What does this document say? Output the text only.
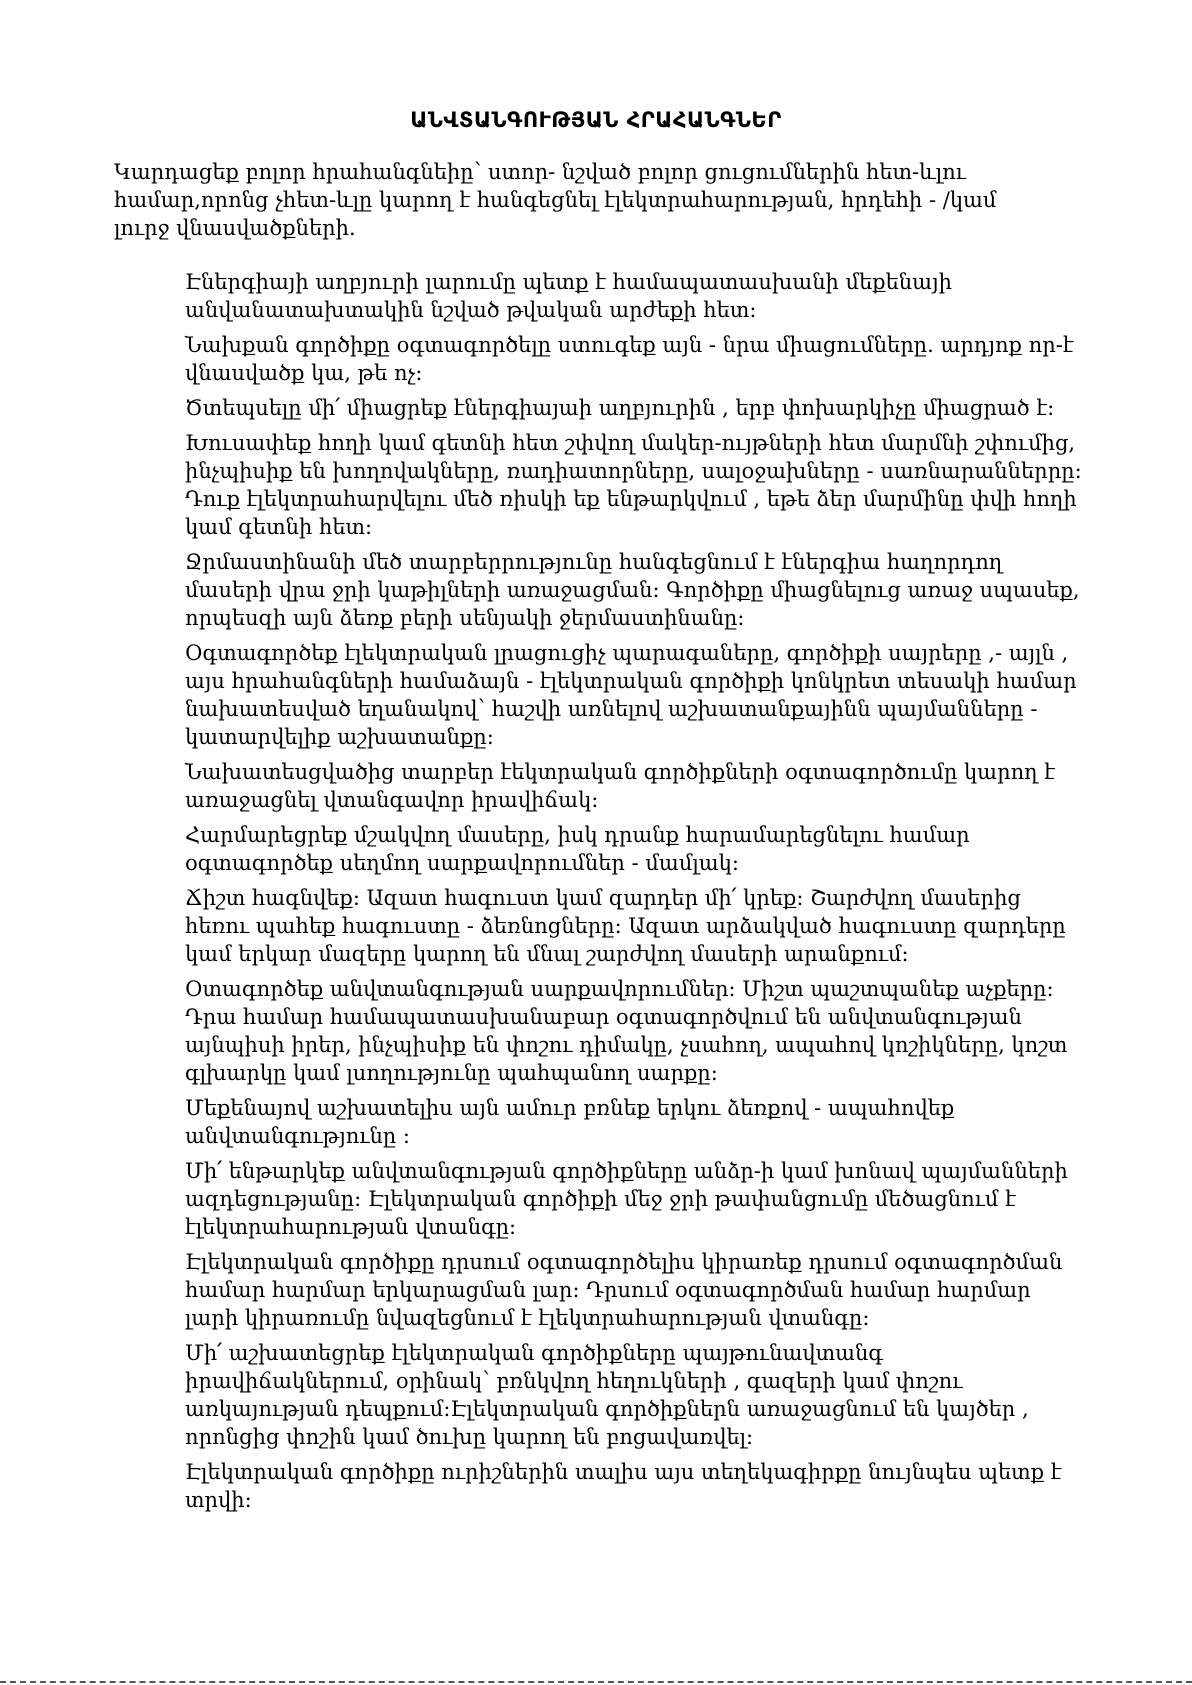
ԱՆՎՏԱՆԳՈՒԹՅԱՆ ՀՐԱՀԱՆԳՆԵՐ

Կարդացեք բոլոր հրահանգնեիը՝ ստոր- նշված բոլոր ցուցումներին հետ-ևլու համար,որոնց չհետ-ևլը կարող է հանգեցնել էլեկտրահարության, հրդեհի - /կամ լուրջ վնասվածքների.

Էներգիայի աղբյուրի լարումը պետք է համապատասխանի մեքենայի անվանատախտակին նշված թվական արժեքի հետ:

Նախքան գործիքը օգտագործելը ստուգեք այն - նրա միացումները. արդյոք որ-է վնասվածք կա, թե ոչ:

Ծտեպսելը մի՛ միացրեք էներգիայաի աղբյուրին , երբ փոխարկիչը միացրած է:

Խուսափեք հողի կամ գետնի հետ շփվող մակեր-ույթների հետ մարմնի շփումից, ինչպիսիք են խողովակները, ռադիատորները, սալօջախները - սառնարաններրը: Դուք էլեկտրահարվելու մեծ ռիսկի եք ենթարկվում , եթե ձեր մարմինը փվի հողի կամ գետնի հետ:

Ջրմաստինանի մեծ տարբերրությունը հանգեցնում է էներգիա հաղորդող մասերի վրա ջրի կաթիլների առաջացման: Գործիքը միացնելուց առաջ սպասեք, որպեսզի այն ձեռք բերի սենյակի ջերմաստինանը:

Օգտագործեք էլեկտրական լրացուցիչ պարագաները, գործիքի սայրերը ,- այլն , այս հրահանգների համաձայն - էլեկտրական գործիքի կոնկրետ տեսակի համար նախատեսված եղանակով՝ հաշվի առնելով աշխատանքայինն պայմանները - կատարվելիք աշխատանքը:

Նախատեսցվածից տարբեր էեկտրական գործիքների օգտագործումը կարող է առաջացնել վտանգավոր իրավիճակ:

Հարմարեցրեք մշակվող մասերը, իսկ դրանք հարամարեցնելու համար օգտագործեք սեղմող սարքավորումներ - մամլակ:

Ճիշտ հագնվեք: Ազատ հագուստ կամ զարդեր մի՛ կրեք: Շարժվող մասերից հեռու պահեք հագուստը - ձեռնոցները: Ազատ արձակված հագուստը զարդերը կամ երկար մազերը կարող են մնալ շարժվող մասերի արանքում:

Օտագործեք անվտանգության սարքավորումներ: Միշտ պաշտպանեք աչքերը: Դրա համար համապատասխանաբար օգտագործվում են անվտանգության այնպիսի իրեր, ինչպիսիք են փոշու դիմակը, չսահող, ապահով կոշիկները, կոշտ գլխարկը կամ լսողությունը պահպանող սարքը:

Մեքենայով աշխատելիս այն ամուր բռնեք երկու ձեռքով - ապահովեք անվտանգությունը :

Մի՛ ենթարկեք անվտանգության գործիքները անձր-ի կամ խոնավ պայմանների ազդեցությանը: Էլեկտրական գործիքի մեջ ջրի թափանցումը մեծացնում է էլեկտրահարության վտանգը:

Էլեկտրական գործիքը դրսում օգտագործելիս կիրառեք դրսում օգտագործման համար հարմար երկարացման լար: Դրսում օգտագործման համար հարմար լարի կիրառումը նվազեցնում է էլեկտրահարության վտանգը:

Մի՛ աշխատեցրեք էլեկտրական գործիքները պայթունավտանգ իրավիճակներում, օրինակ՝ բռնկվող հեղուկների , գազերի կամ փոշու առկայության դեպքում:Էլեկտրական գործիքներն առաջացնում են կայծեր , որոնցից փոշին կամ ծուխը կարող են բոցավառվել:

Էլեկտրական գործիքը ուրիշներին տալիս այս տեղեկագիրքը նույնպես պետք է տրվի:
